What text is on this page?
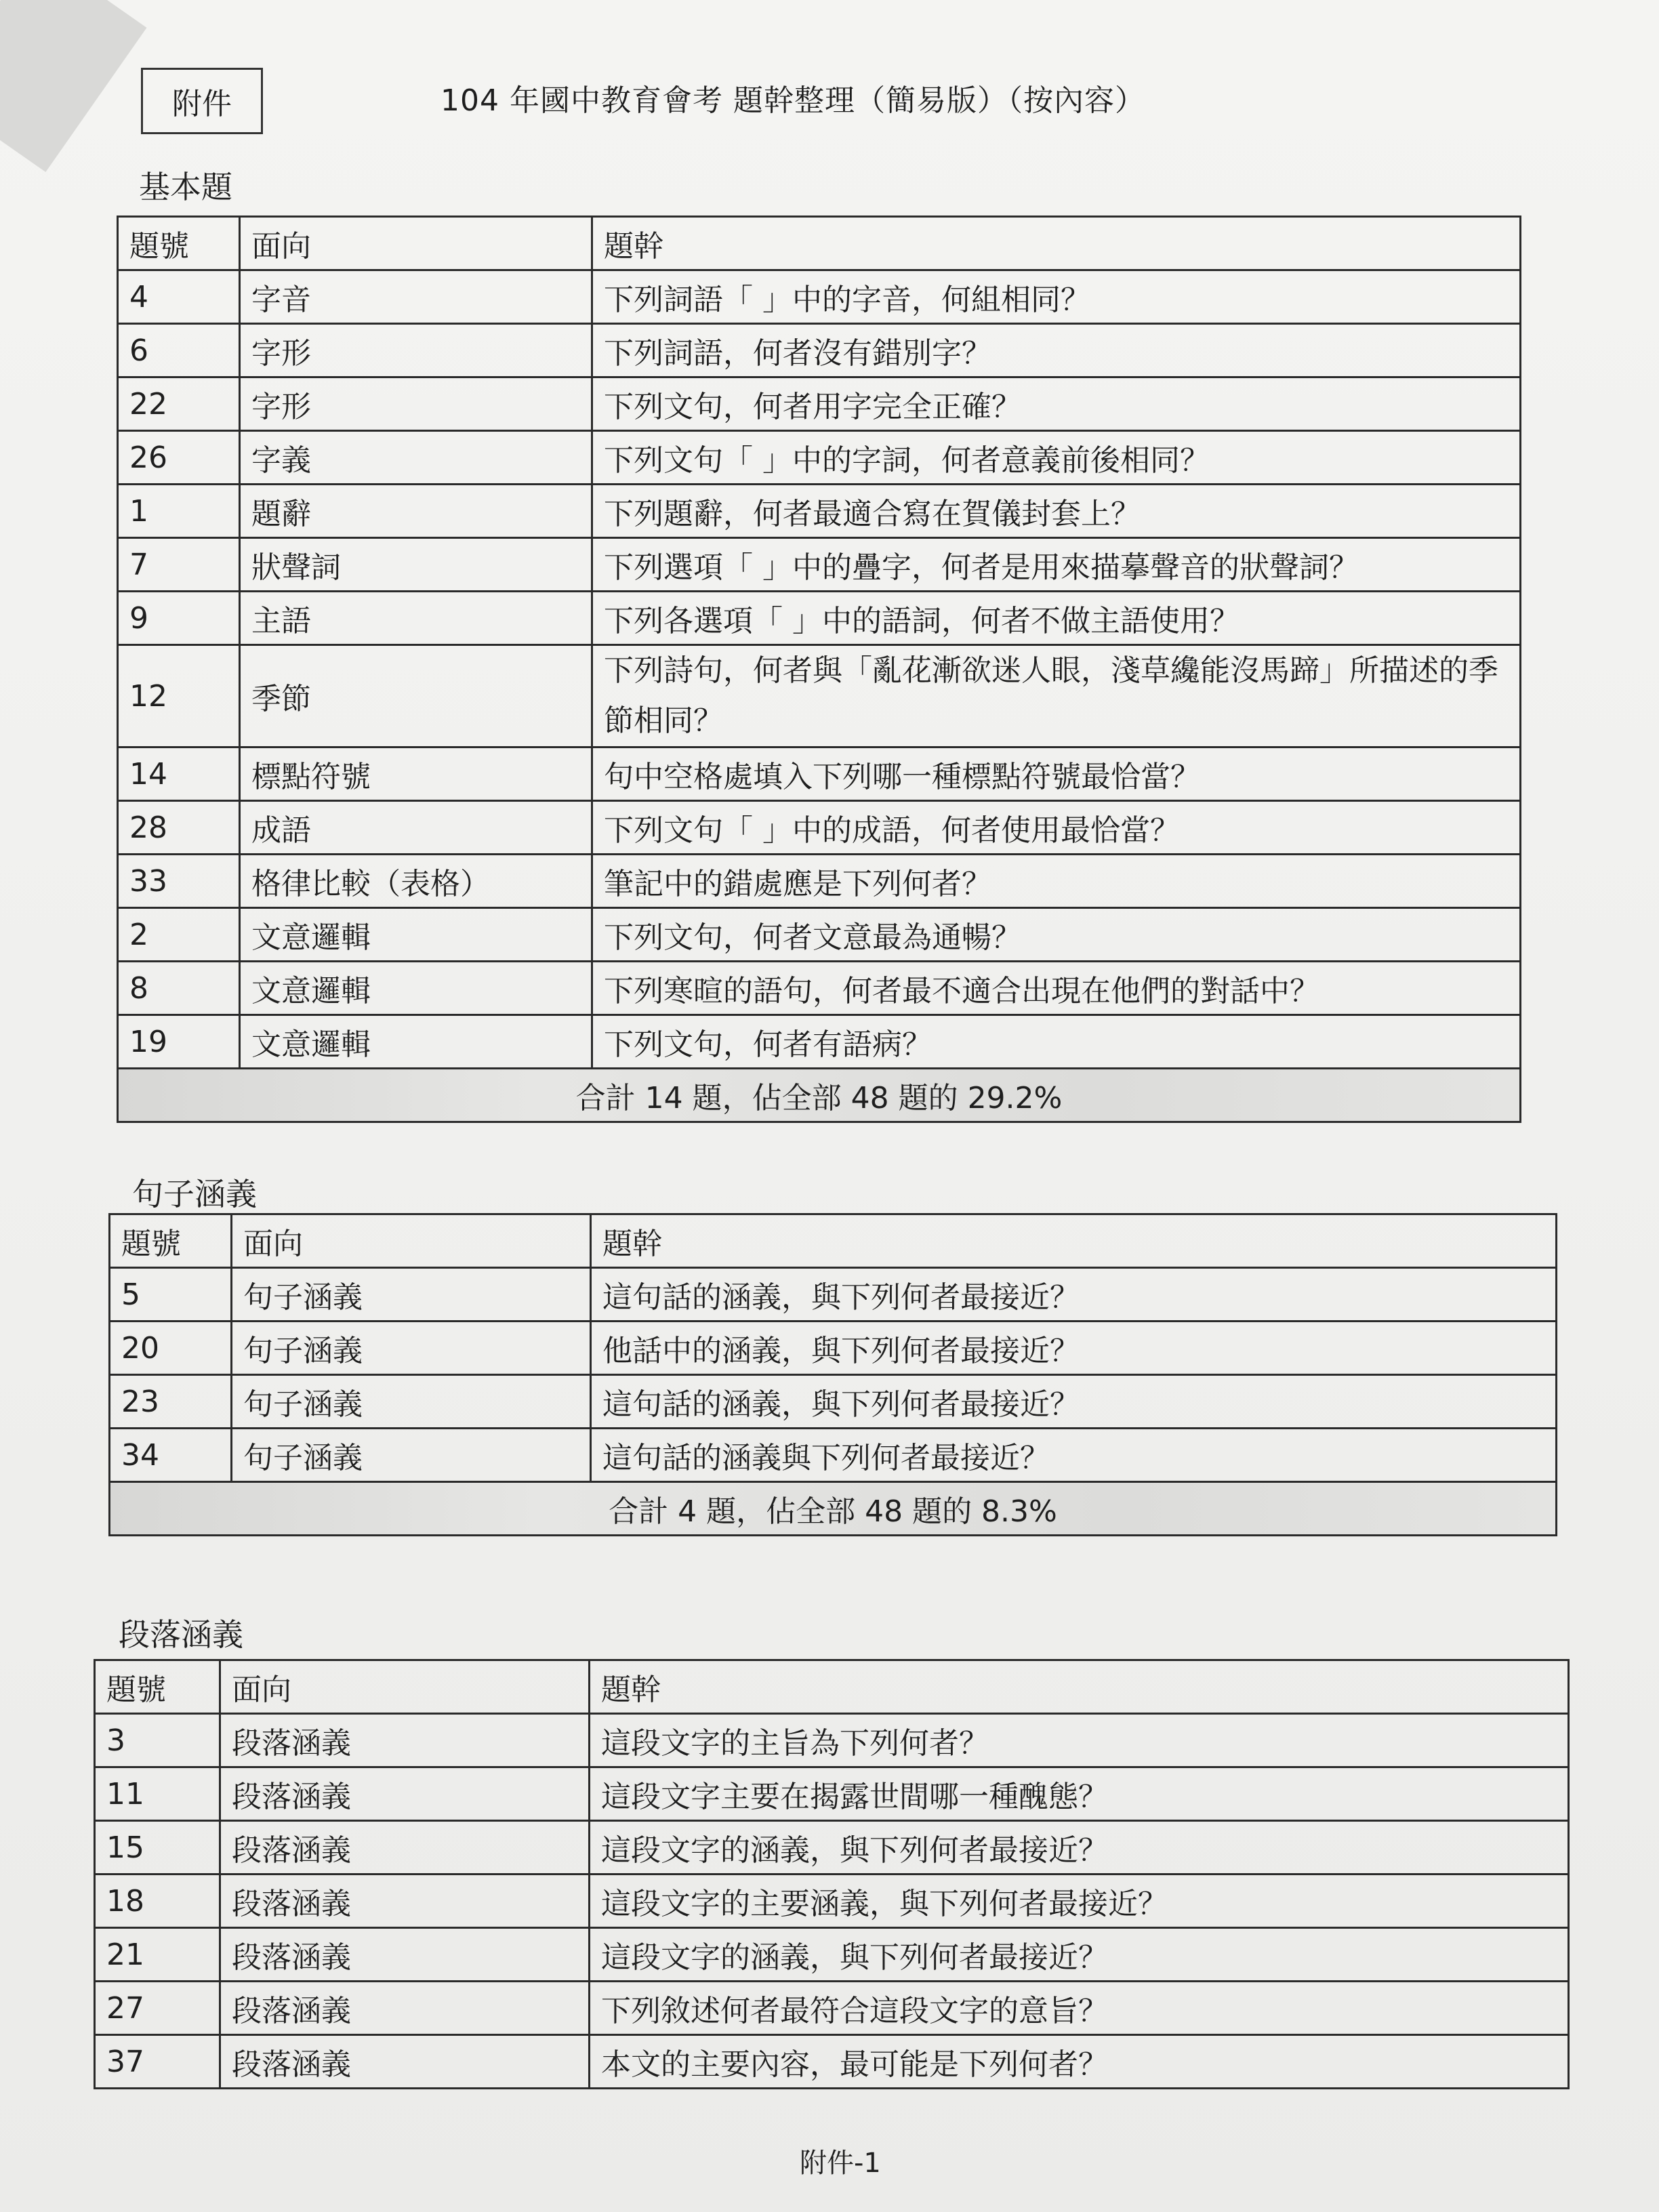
附件	104 年國中教育會考 題幹整理（簡易版）（按內容）
基本題
題號	面向	題幹
4	字音	下列詞語「 」中的字音，何組相同？
6	字形	下列詞語，何者沒有錯別字？
22	字形	下列文句，何者用字完全正確？
26	字義	下列文句「 」中的字詞，何者意義前後相同？
1	題辭	下列題辭，何者最適合寫在賀儀封套上？
7	狀聲詞	下列選項「 」中的疊字，何者是用來描摹聲音的狀聲詞？
9	主語	下列各選項「 」中的語詞，何者不做主語使用？
12	季節	下列詩句，何者與「亂花漸欲迷人眼，淺草纔能沒馬蹄」所描述的季節相同？
14	標點符號	句中空格處填入下列哪一種標點符號最恰當？
28	成語	下列文句「 」中的成語，何者使用最恰當？
33	格律比較（表格）	筆記中的錯處應是下列何者？
2	文意邏輯	下列文句，何者文意最為通暢？
8	文意邏輯	下列寒暄的語句，何者最不適合出現在他們的對話中？
19	文意邏輯	下列文句，何者有語病？
合計 14 題，佔全部 48 題的 29.2%		
句子涵義
題號	面向	題幹
5	句子涵義	這句話的涵義，與下列何者最接近？
20	句子涵義	他話中的涵義，與下列何者最接近？
23	句子涵義	這句話的涵義，與下列何者最接近？
34	句子涵義	這句話的涵義與下列何者最接近？
合計 4 題，佔全部 48 題的 8.3%		
段落涵義
題號	面向	題幹
3	段落涵義	這段文字的主旨為下列何者？
11	段落涵義	這段文字主要在揭露世間哪一種醜態？
15	段落涵義	這段文字的涵義，與下列何者最接近？
18	段落涵義	這段文字的主要涵義，與下列何者最接近？
21	段落涵義	這段文字的涵義，與下列何者最接近？
27	段落涵義	下列敘述何者最符合這段文字的意旨？
37	段落涵義	本文的主要內容，最可能是下列何者？
附件-1
